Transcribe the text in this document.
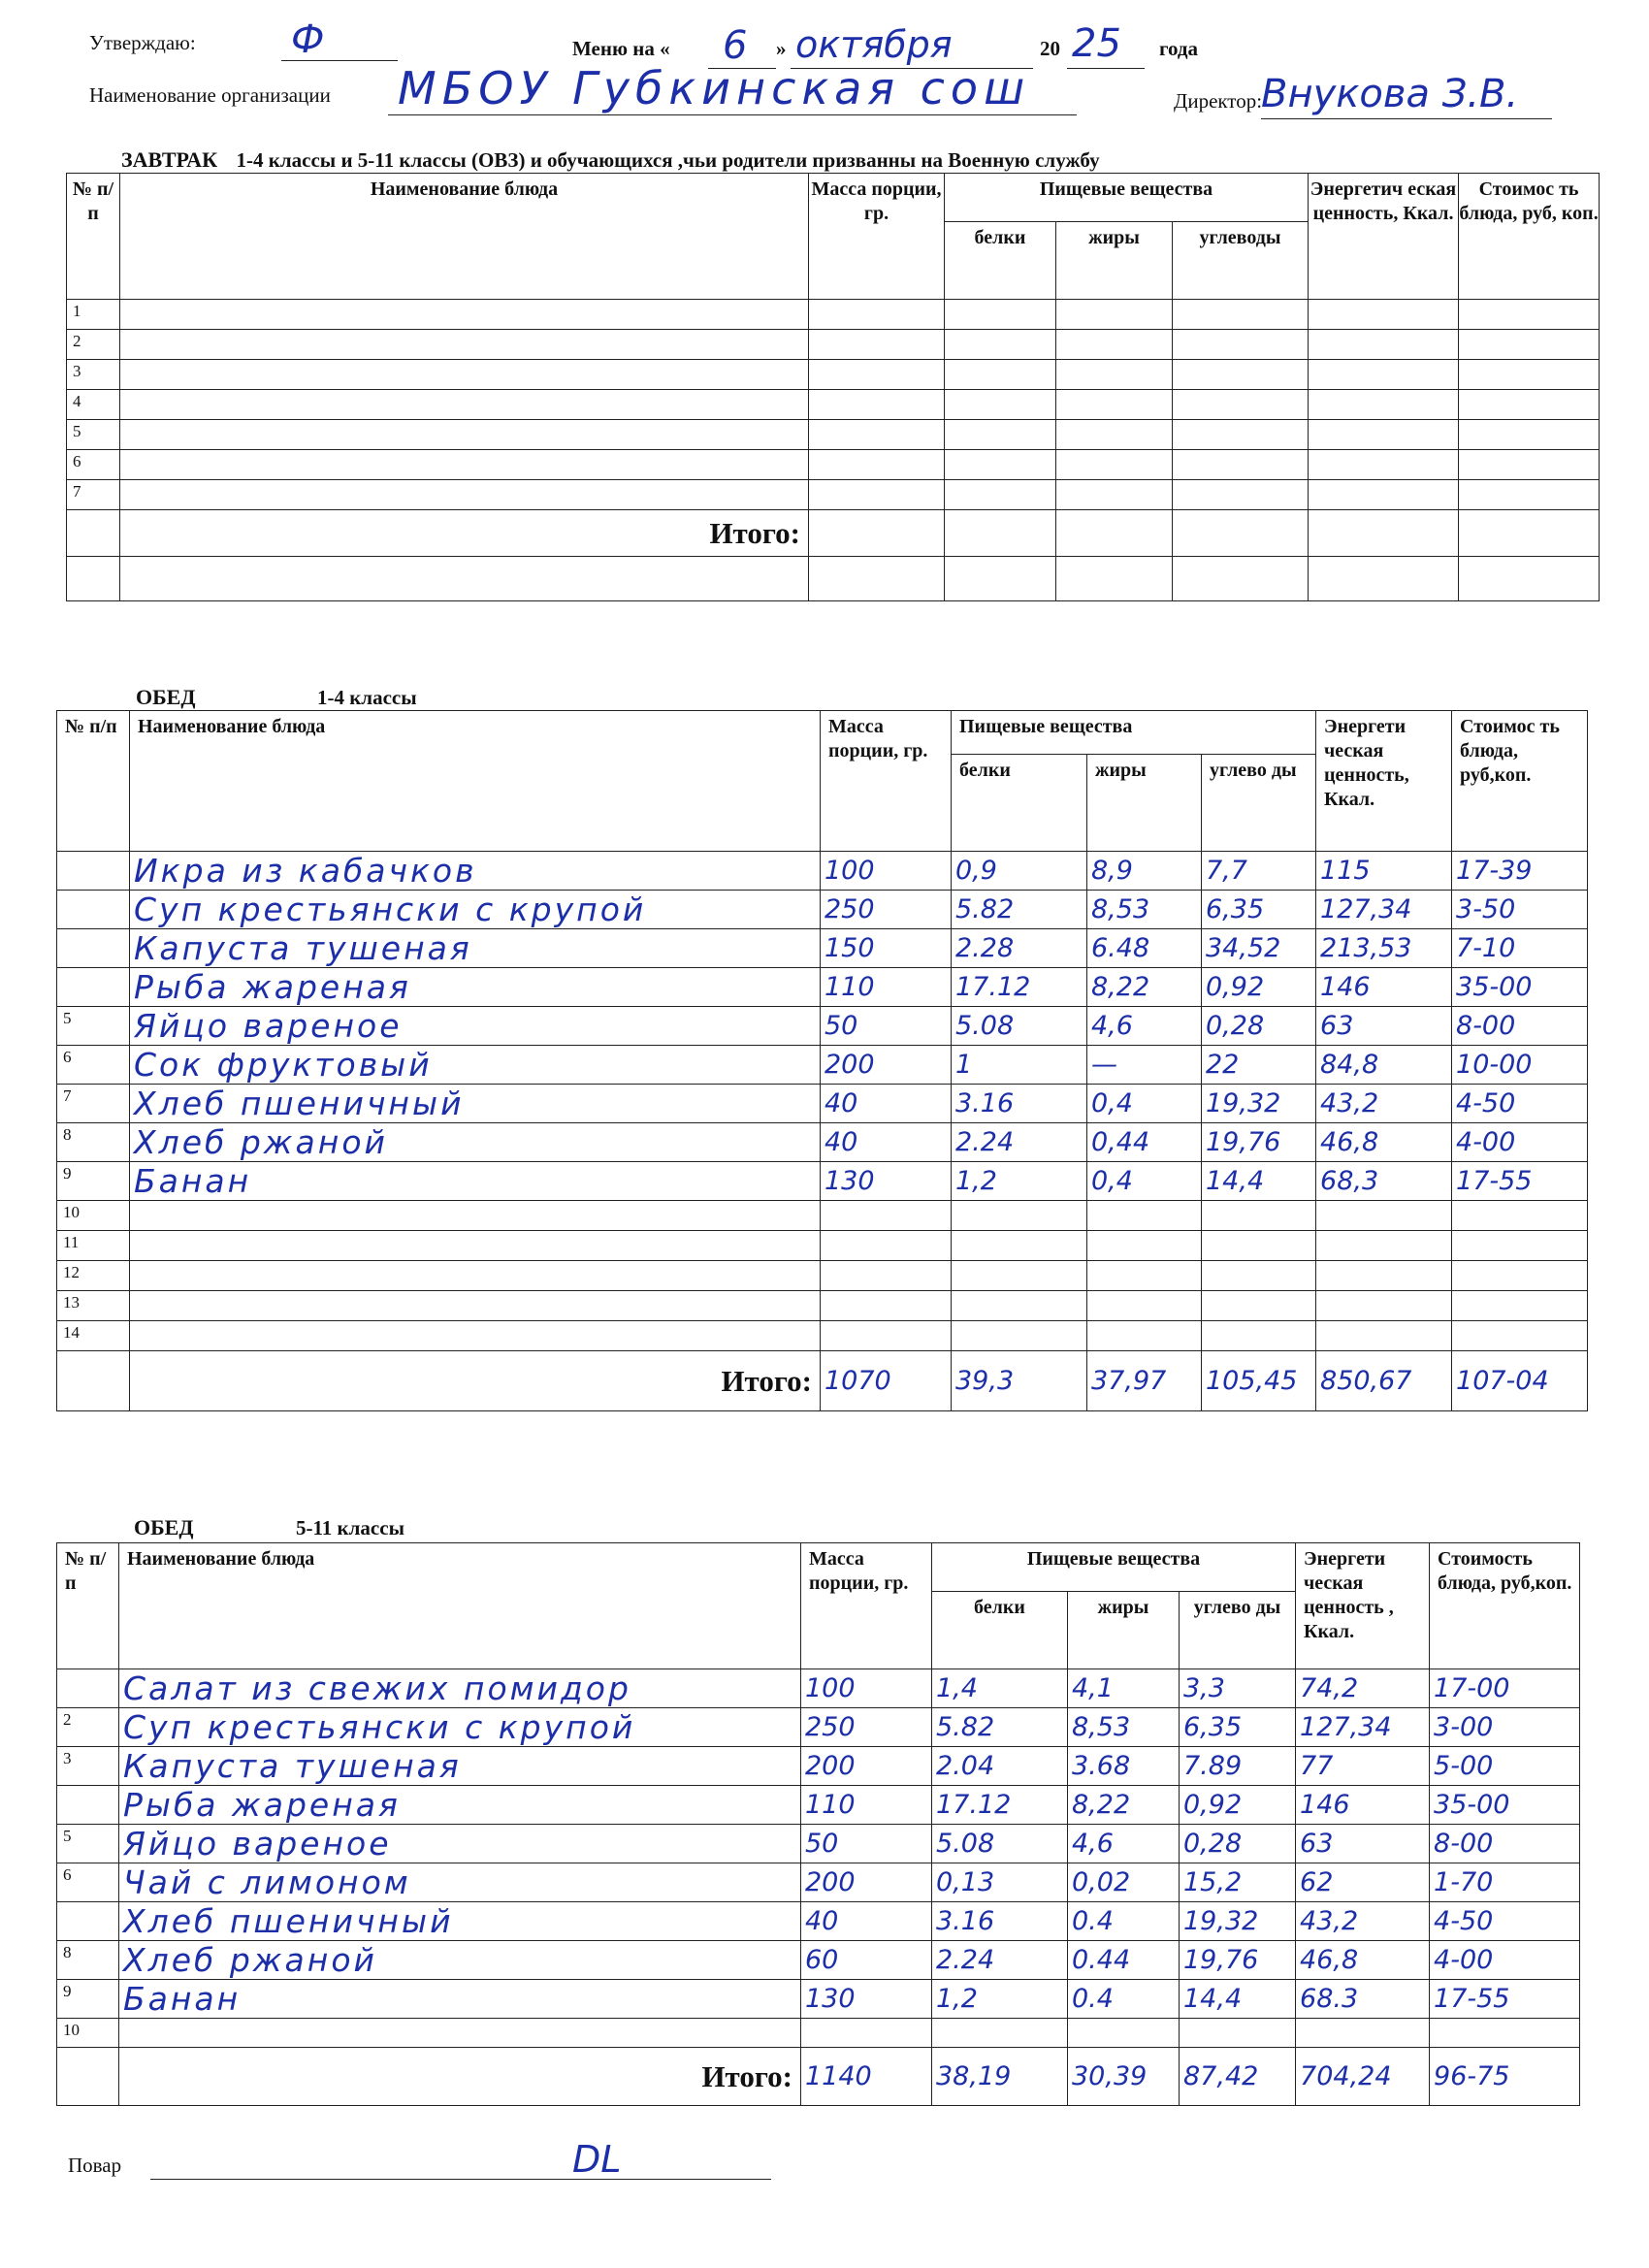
Утверждаю: Ф	Меню на « 6 » октября	20 25 года
Наименование организации МБОУ Губкинская сош	Директор:
Внукова З.В.
ЗАВТРАК 1-4 классы и 5-11 классы (ОВЗ) и обучающихся ,чьи родители призванны на Военную службу
№ п/ п	Наименование блюда	Масса порции, гр.	Пищевые вещества			Энергетич еская ценность, Ккал.	Стоимос ть блюда, руб, коп.
			белки	жиры	углеводы		
1							
2							
3							
4							
5							
6							
7							
	Итого:						

ОБЕД	1-4 классы
№ п/п	Наименование блюда	Масса порции, гр.	Пищевые вещества			Энергети ческая ценность, Ккал.	Стоимос ть блюда, руб,коп.
			белки	жиры	углево ды		
	Икра из кабачков	100	0,9	8,9	7,7	115	17-39
	Суп крестьянски с крупой	250	5.82	8,53	6,35	127,34	3-50
	Капуста тушеная	150	2.28	6.48	34,52	213,53	7-10
	Рыба жареная	110	17.12	8,22	0,92	146	35-00
5	Яйцо вареное	50	5.08	4,6	0,28	63	8-00
6	Сок фруктовый	200	1	—	22	84,8	10-00
7	Хлеб пшеничный	40	3.16	0,4	19,32	43,2	4-50
8	Хлеб ржаной	40	2.24	0,44	19,76	46,8	4-00
9	Банан	130	1,2	0,4	14,4	68,3	17-55
10							
11							
12							
13							
14							
	Итого:	1070	39,3	37,97	105,45	850,67	107-04
ОБЕД	5-11 классы
№ п/ п	Наименование блюда	Масса порции, гр.	Пищевые вещества			Энергети ческая ценность , Ккал.	Стоимость блюда, руб,коп.
			белки	жиры	углево ды		
	Салат из свежих помидор	100	1,4	4,1	3,3	74,2	17-00
2	Суп крестьянски с крупой	250	5.82	8,53	6,35	127,34	3-00
3	Капуста тушеная	200	2.04	3.68	7.89	77	5-00
	Рыба жареная	110	17.12	8,22	0,92	146	35-00
5	Яйцо вареное	50	5.08	4,6	0,28	63	8-00
6	Чай с лимоном	200	0,13	0,02	15,2	62	1-70
	Хлеб пшеничный	40	3.16	0.4	19,32	43,2	4-50
8	Хлеб ржаной	60	2.24	0.44	19,76	46,8	4-00
9	Банан	130	1,2	0.4	14,4	68.3	17-55
10							
	Итого:	1140	38,19	30,39	87,42	704,24	96-75
Повар	DL
